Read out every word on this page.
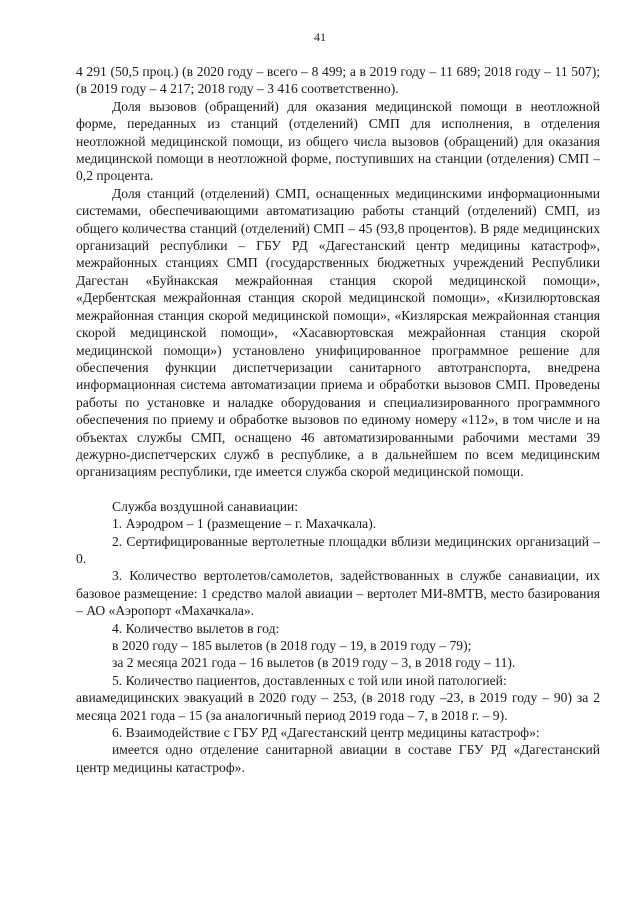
41

4 291 (50,5 проц.) (в 2020 году – всего – 8 499; а в 2019 году – 11 689; 2018 году – 11 507); (в 2019 году – 4 217; 2018 году – 3 416 соответственно).

Доля вызовов (обращений) для оказания медицинской помощи в неотложной форме, переданных из станций (отделений) СМП для исполнения, в отделения неотложной медицинской помощи, из общего числа вызовов (обращений) для оказания медицинской помощи в неотложной форме, поступивших на станции (отделения) СМП – 0,2 процента.

Доля станций (отделений) СМП, оснащенных медицинскими информационными системами, обеспечивающими автоматизацию работы станций (отделений) СМП, из общего количества станций (отделений) СМП – 45 (93,8 процентов). В ряде медицинских организаций республики – ГБУ РД «Дагестанский центр медицины катастроф», межрайонных станциях СМП (государственных бюджетных учреждений Республики Дагестан «Буйнакская межрайонная станция скорой медицинской помощи», «Дербентская межрайонная станция скорой медицинской помощи», «Кизилюртовская межрайонная станция скорой медицинской помощи», «Кизлярская межрайонная станция скорой медицинской помощи», «Хасавюртовская межрайонная станция скорой медицинской помощи») установлено унифицированное программное решение для обеспечения функции диспетчеризации санитарного автотранспорта, внедрена информационная система автоматизации приема и обработки вызовов СМП. Проведены работы по установке и наладке оборудования и специализированного программного обеспечения по приему и обработке вызовов по единому номеру «112», в том числе и на объектах службы СМП, оснащено 46 автоматизированными рабочими местами 39 дежурно-диспетчерских служб в республике, а в дальнейшем по всем медицинским организациям республики, где имеется служба скорой медицинской помощи.

Служба воздушной санавиации:

1. Аэродром – 1 (размещение – г. Махачкала).

2. Сертифицированные вертолетные площадки вблизи медицинских организаций – 0.

3. Количество вертолетов/самолетов, задействованных в службе санавиации, их базовое размещение: 1 средство малой авиации – вертолет МИ-8МТВ, место базирования – АО «Аэропорт «Махачкала».

4. Количество вылетов в год:

в 2020 году – 185 вылетов (в 2018 году – 19, в 2019 году – 79);

за 2 месяца 2021 года – 16 вылетов (в 2019 году – 3, в 2018 году – 11).

5. Количество пациентов, доставленных с той или иной патологией:

авиамедицинских эвакуаций в 2020 году – 253, (в 2018 году –23, в 2019 году – 90) за 2 месяца 2021 года – 15 (за аналогичный период 2019 года – 7, в 2018 г. – 9).

6. Взаимодействие с ГБУ РД «Дагестанский центр медицины катастроф»:

имеется одно отделение санитарной авиации в составе ГБУ РД «Дагестанский центр медицины катастроф».
